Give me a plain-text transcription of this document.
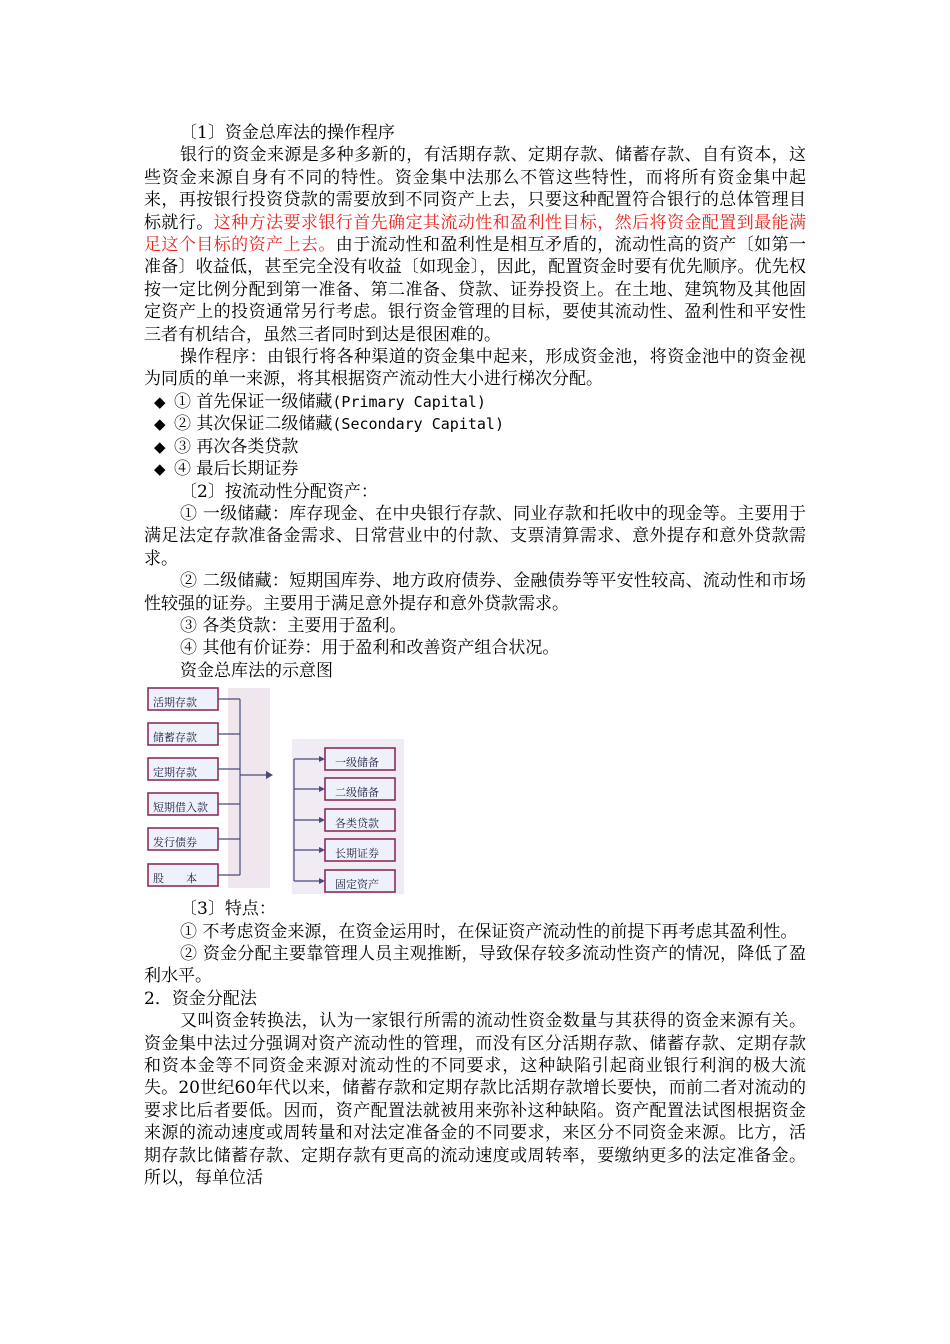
〔1〕资金总库法的操作程序

银行的资金来源是多种多新的，有活期存款、定期存款、储蓄存款、自有资本，这些资金来源自身有不同的特性。资金集中法那么不管这些特性，而将所有资金集中起来，再按银行投资贷款的需要放到不同资产上去，只要这种配置符合银行的总体管理目标就行。这种方法要求银行首先确定其流动性和盈利性目标，然后将资金配置到最能满足这个目标的资产上去。由于流动性和盈利性是相互矛盾的，流动性高的资产〔如第一准备〕收益低，甚至完全没有收益〔如现金〕，因此，配置资金时要有优先顺序。优先权按一定比例分配到第一准备、第二准备、贷款、证券投资上。在土地、建筑物及其他固定资产上的投资通常另行考虑。银行资金管理的目标，要使其流动性、盈利性和平安性三者有机结合，虽然三者同时到达是很困难的。

操作程序：由银行将各种渠道的资金集中起来，形成资金池，将资金池中的资金视为同质的单一来源，将其根据资产流动性大小进行梯次分配。

◆ ① 首先保证一级储藏 (Primary Capital)
◆ ② 其次保证二级储藏 (Secondary Capital)
◆ ③ 再次各类贷款
◆ ④ 最后长期证券

〔2〕按流动性分配资产：

① 一级储藏：库存现金、在中央银行存款、同业存款和托收中的现金等。主要用于满足法定存款准备金需求、日常营业中的付款、支票清算需求、意外提存和意外贷款需求。

② 二级储藏：短期国库券、地方政府债券、金融债券等平安性较高、流动性和市场性较强的证券。主要用于满足意外提存和意外贷款需求。

③ 各类贷款：主要用于盈利。

④ 其他有价证券：用于盈利和改善资产组合状况。

资金总库法的示意图

活期存款
储蓄存款
定期存款
短期借入款
发行债券
股　　本
一级储备
二级储备
各类贷款
长期证券
固定资产

〔3〕特点：

① 不考虑资金来源，在资金运用时，在保证资产流动性的前提下再考虑其盈利性。

② 资金分配主要靠管理人员主观推断，导致保存较多流动性资产的情况，降低了盈利水平。

2．资金分配法

又叫资金转换法，认为一家银行所需的流动性资金数量与其获得的资金来源有关。资金集中法过分强调对资产流动性的管理，而没有区分活期存款、储蓄存款、定期存款和资本金等不同资金来源对流动性的不同要求，这种缺陷引起商业银行利润的极大流失。20世纪60年代以来，储蓄存款和定期存款比活期存款增长要快，而前二者对流动的要求比后者要低。因而，资产配置法就被用来弥补这种缺陷。资产配置法试图根据资金来源的流动速度或周转量和对法定准备金的不同要求，来区分不同资金来源。比方，活期存款比储蓄存款、定期存款有更高的流动速度或周转率，要缴纳更多的法定准备金。所以，每单位活
